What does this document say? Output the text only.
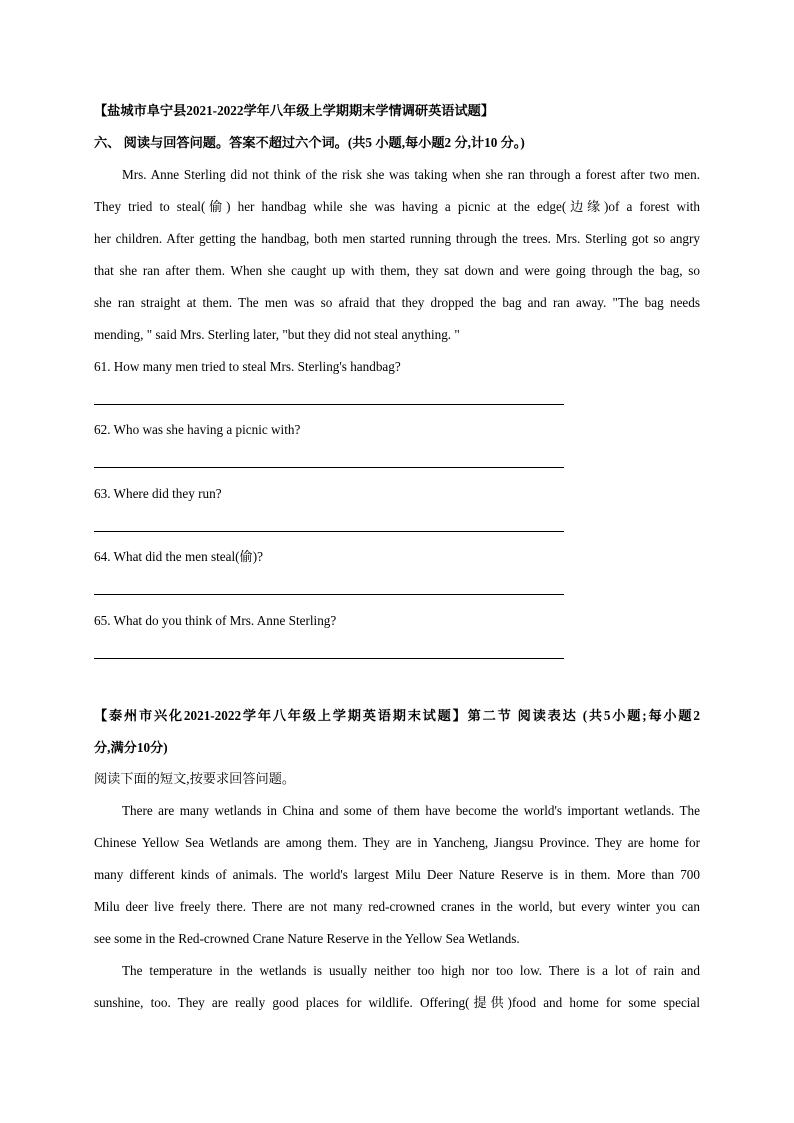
【盐城市阜宁县2021-2022学年八年级上学期期末学情调研英语试题】
六、 阅读与回答问题。答案不超过六个词。(共5 小题,每小题2 分,计10 分。)
Mrs. Anne Sterling did not think of the risk she was taking when she ran through a forest after two men.
They tried to steal(偷) her handbag while she was having a picnic at the edge(边缘)of a forest with
her children. After getting the handbag, both men started running through the trees. Mrs. Sterling got so angry
that she ran after them. When she caught up with them, they sat down and were going through the bag, so
she ran straight at them. The men was so afraid that they dropped the bag and ran away. "The bag needs
mending, " said Mrs. Sterling later, "but they did not steal anything. "
61. How many men tried to steal Mrs. Sterling's handbag?
62. Who was she having a picnic with?
63. Where did they run?
64. What did the men steal(偷)?
65. What do you think of Mrs. Anne Sterling?
【泰州市兴化2021-2022学年八年级上学期英语期末试题】第二节 阅读表达 (共5小题;每小题2
分,满分10分)
阅读下面的短文,按要求回答问题。
There are many wetlands in China and some of them have become the world's important wetlands. The
Chinese Yellow Sea Wetlands are among them. They are in Yancheng, Jiangsu Province. They are home for
many different kinds of animals. The world's largest Milu Deer Nature Reserve is in them. More than 700
Milu deer live freely there. There are not many red-crowned cranes in the world, but every winter you can
see some in the Red-crowned Crane Nature Reserve in the Yellow Sea Wetlands.
The temperature in the wetlands is usually neither too high nor too low. There is a lot of rain and
sunshine, too. They are really good places for wildlife. Offering(提供)food and home for some special
